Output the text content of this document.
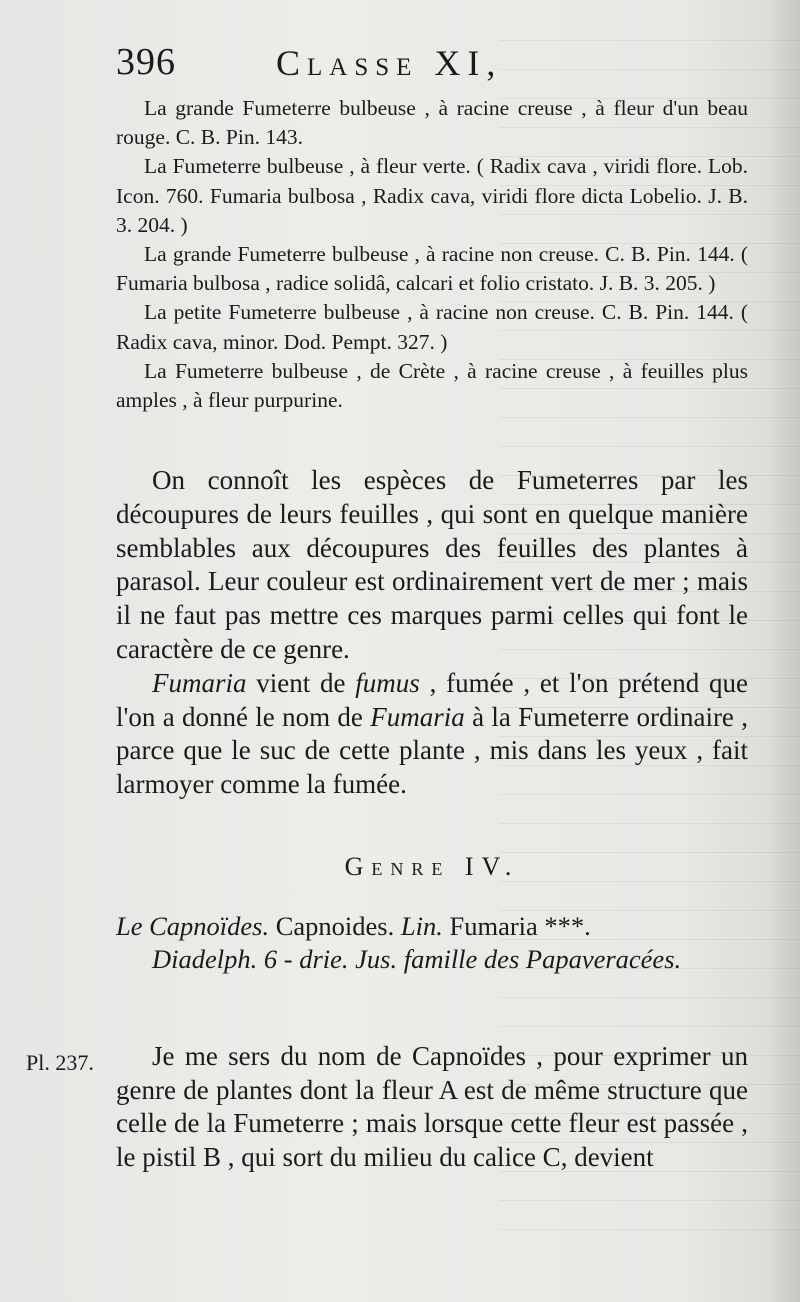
396	Classe XI,

La grande Fumeterre bulbeuse , à racine creuse , à fleur d'un beau rouge. C. B. Pin. 143.

La Fumeterre bulbeuse , à fleur verte. ( Radix cava , viridi flore. Lob. Icon. 760. Fumaria bulbosa , Radix cava, viridi flore dicta Lobelio. J. B. 3. 204. )

La grande Fumeterre bulbeuse , à racine non creuse. C. B. Pin. 144. ( Fumaria bulbosa , radice solidâ, calcari et folio cristato. J. B. 3. 205. )

La petite Fumeterre bulbeuse , à racine non creuse. C. B. Pin. 144. ( Radix cava, minor. Dod. Pempt. 327. )

La Fumeterre bulbeuse , de Crète , à racine creuse , à feuilles plus amples , à fleur purpurine.

On connoît les espèces de Fumeterres par les découpures de leurs feuilles , qui sont en quelque manière semblables aux découpures des feuilles des plantes à parasol. Leur couleur est ordinairement vert de mer ; mais il ne faut pas mettre ces marques parmi celles qui font le caractère de ce genre.

Fumaria vient de fumus , fumée , et l'on prétend que l'on a donné le nom de Fumaria à la Fumeterre ordinaire , parce que le suc de cette plante , mis dans les yeux , fait larmoyer comme la fumée.

Genre IV.

Le Capnoïdes. Capnoides. Lin. Fumaria ***.

Diadelph. 6 - drie. Jus. famille des Papaveracées.

Pl. 237.	Je me sers du nom de Capnoïdes , pour exprimer un genre de plantes dont la fleur A est de même structure que celle de la Fumeterre ; mais lorsque cette fleur est passée , le pistil B , qui sort du milieu du calice C, devient
